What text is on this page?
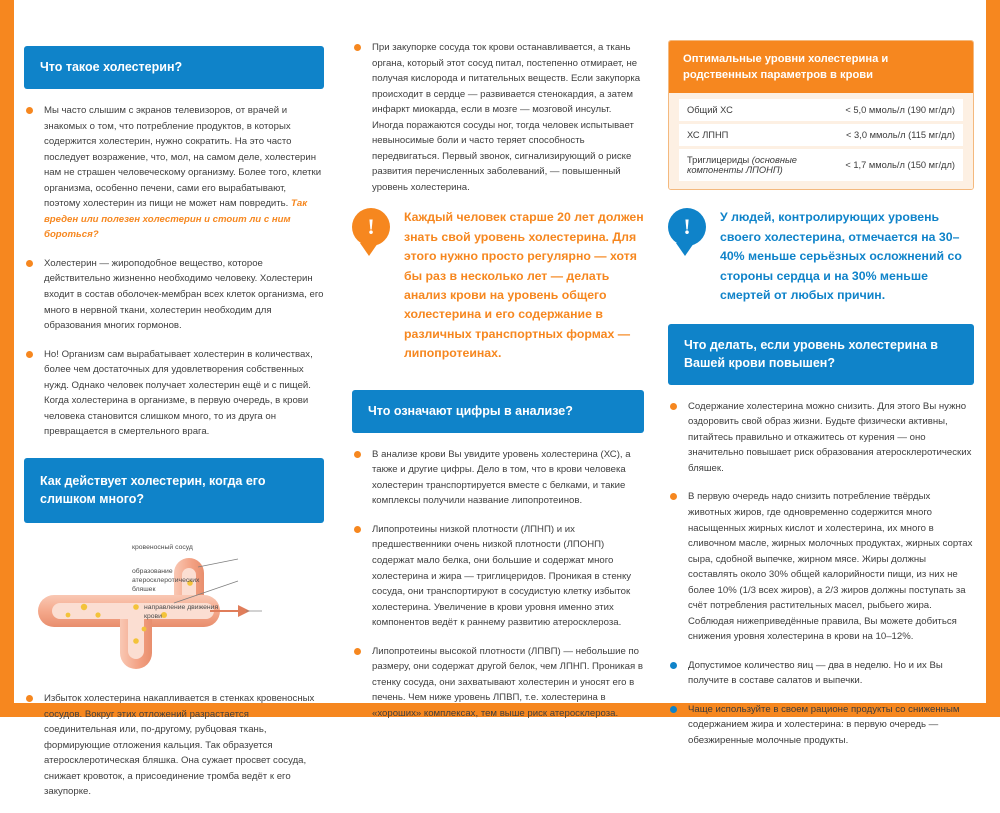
Что такое холестерин?
Мы часто слышим с экранов телевизоров, от врачей и знакомых о том, что потребление продуктов, в которых содержится холестерин, нужно сократить. На это часто последует возражение, что, мол, на самом деле, холестерин нам не страшен человеческому организму. Более того, клетки организма, особенно печени, сами его вырабатывают, поэтому холестерин из пищи не может нам повредить. Так вреден или полезен холестерин и стоит ли с ним бороться?
Холестерин — жироподобное вещество, которое действительно жизненно необходимо человеку. Холестерин входит в состав оболочек-мембран всех клеток организма, его много в нервной ткани, холестерин необходим для образования многих гормонов.
Но! Организм сам вырабатывает холестерин в количествах, более чем достаточных для удовлетворения собственных нужд. Однако человек получает холестерин ещё и с пищей. Когда холестерина в организме, в первую очередь, в крови человека становится слишком много, то из друга он превращается в смертельного врага.
Как действует холестерин, когда его слишком много?
кровеносный сосуд
образование атеросклеротических бляшек
направление движения крови
Избыток холестерина накапливается в стенках кровеносных сосудов. Вокруг этих отложений разрастается соединительная или, по-другому, рубцовая ткань, формирующие отложения кальция. Так образуется атеросклеротическая бляшка. Она сужает просвет сосуда, снижает кровоток, а присоединение тромба ведёт к его закупорке.
При закупорке сосуда ток крови останавливается, а ткань органа, который этот сосуд питал, постепенно отмирает, не получая кислорода и питательных веществ. Если закупорка происходит в сердце — развивается стенокардия, а затем инфаркт миокарда, если в мозге — мозговой инсульт. Иногда поражаются сосуды ног, тогда человек испытывает невыносимые боли и часто теряет способность передвигаться. Первый звонок, сигнализирующий о риске развития перечисленных заболеваний, — повышенный уровень холестерина.
!	Каждый человек старше 20 лет должен знать свой уровень холестерина. Для этого нужно просто регулярно — хотя бы раз в несколько лет — делать анализ крови на уровень общего холестерина и его содержание в различных транспортных формах — липопротеинах.
Что означают цифры в анализе?
В анализе крови Вы увидите уровень холестерина (ХС), а также и другие цифры. Дело в том, что в крови человека холестерин транспортируется вместе с белками, и такие комплексы получили название липопротеинов.
Липопротеины низкой плотности (ЛПНП) и их предшественники очень низкой плотности (ЛПОНП) содержат мало белка, они большие и содержат много холестерина и жира — триглицеридов. Проникая в стенку сосуда, они транспортируют в сосудистую клетку избыток холестерина. Увеличение в крови уровня именно этих компонентов ведёт к раннему развитию атеросклероза.
Липопротеины высокой плотности (ЛПВП) — небольшие по размеру, они содержат другой белок, чем ЛПНП. Проникая в стенку сосуда, они захватывают холестерин и уносят его в печень. Чем ниже уровень ЛПВП, т.е. холестерина в «хороших» комплексах, тем выше риск атеросклероза.
Оптимальные уровни холестерина и родственных параметров в крови
Общий ХС	< 5,0 ммоль/л (190 мг/дл)
ХС ЛПНП	< 3,0 ммоль/л (115 мг/дл)
Триглицериды (основные компоненты ЛПОНП)	< 1,7 ммоль/л (150 мг/дл)
!	У людей, контролирующих уровень своего холестерина, отмечается на 30–40% меньше серьёзных осложнений со стороны сердца и на 30% меньше смертей от любых причин.
Что делать, если уровень холестерина в Вашей крови повышен?
Содержание холестерина можно снизить. Для этого Вы нужно оздоровить свой образ жизни. Будьте физически активны, питайтесь правильно и откажитесь от курения — оно значительно повышает риск образования атеросклеротических бляшек.
В первую очередь надо снизить потребление твёрдых животных жиров, где одновременно содержится много насыщенных жирных кислот и холестерина, их много в сливочном масле, жирных молочных продуктах, жирных сортах сыра, сдобной выпечке, жирном мясе. Жиры должны составлять около 30% общей калорийности пищи, из них не более 10% (1/3 всех жиров), а 2/3 жиров должны поступать за счёт потребления растительных масел, рыбьего жира. Соблюдая нижеприведённые правила, Вы можете добиться снижения уровня холестерина в крови на 10–12%.
Допустимое количество яиц — два в неделю. Но и их Вы получите в составе салатов и выпечки.
Чаще используйте в своем рационе продукты со сниженным содержанием жира и холестерина: в первую очередь — обезжиренные молочные продукты.
